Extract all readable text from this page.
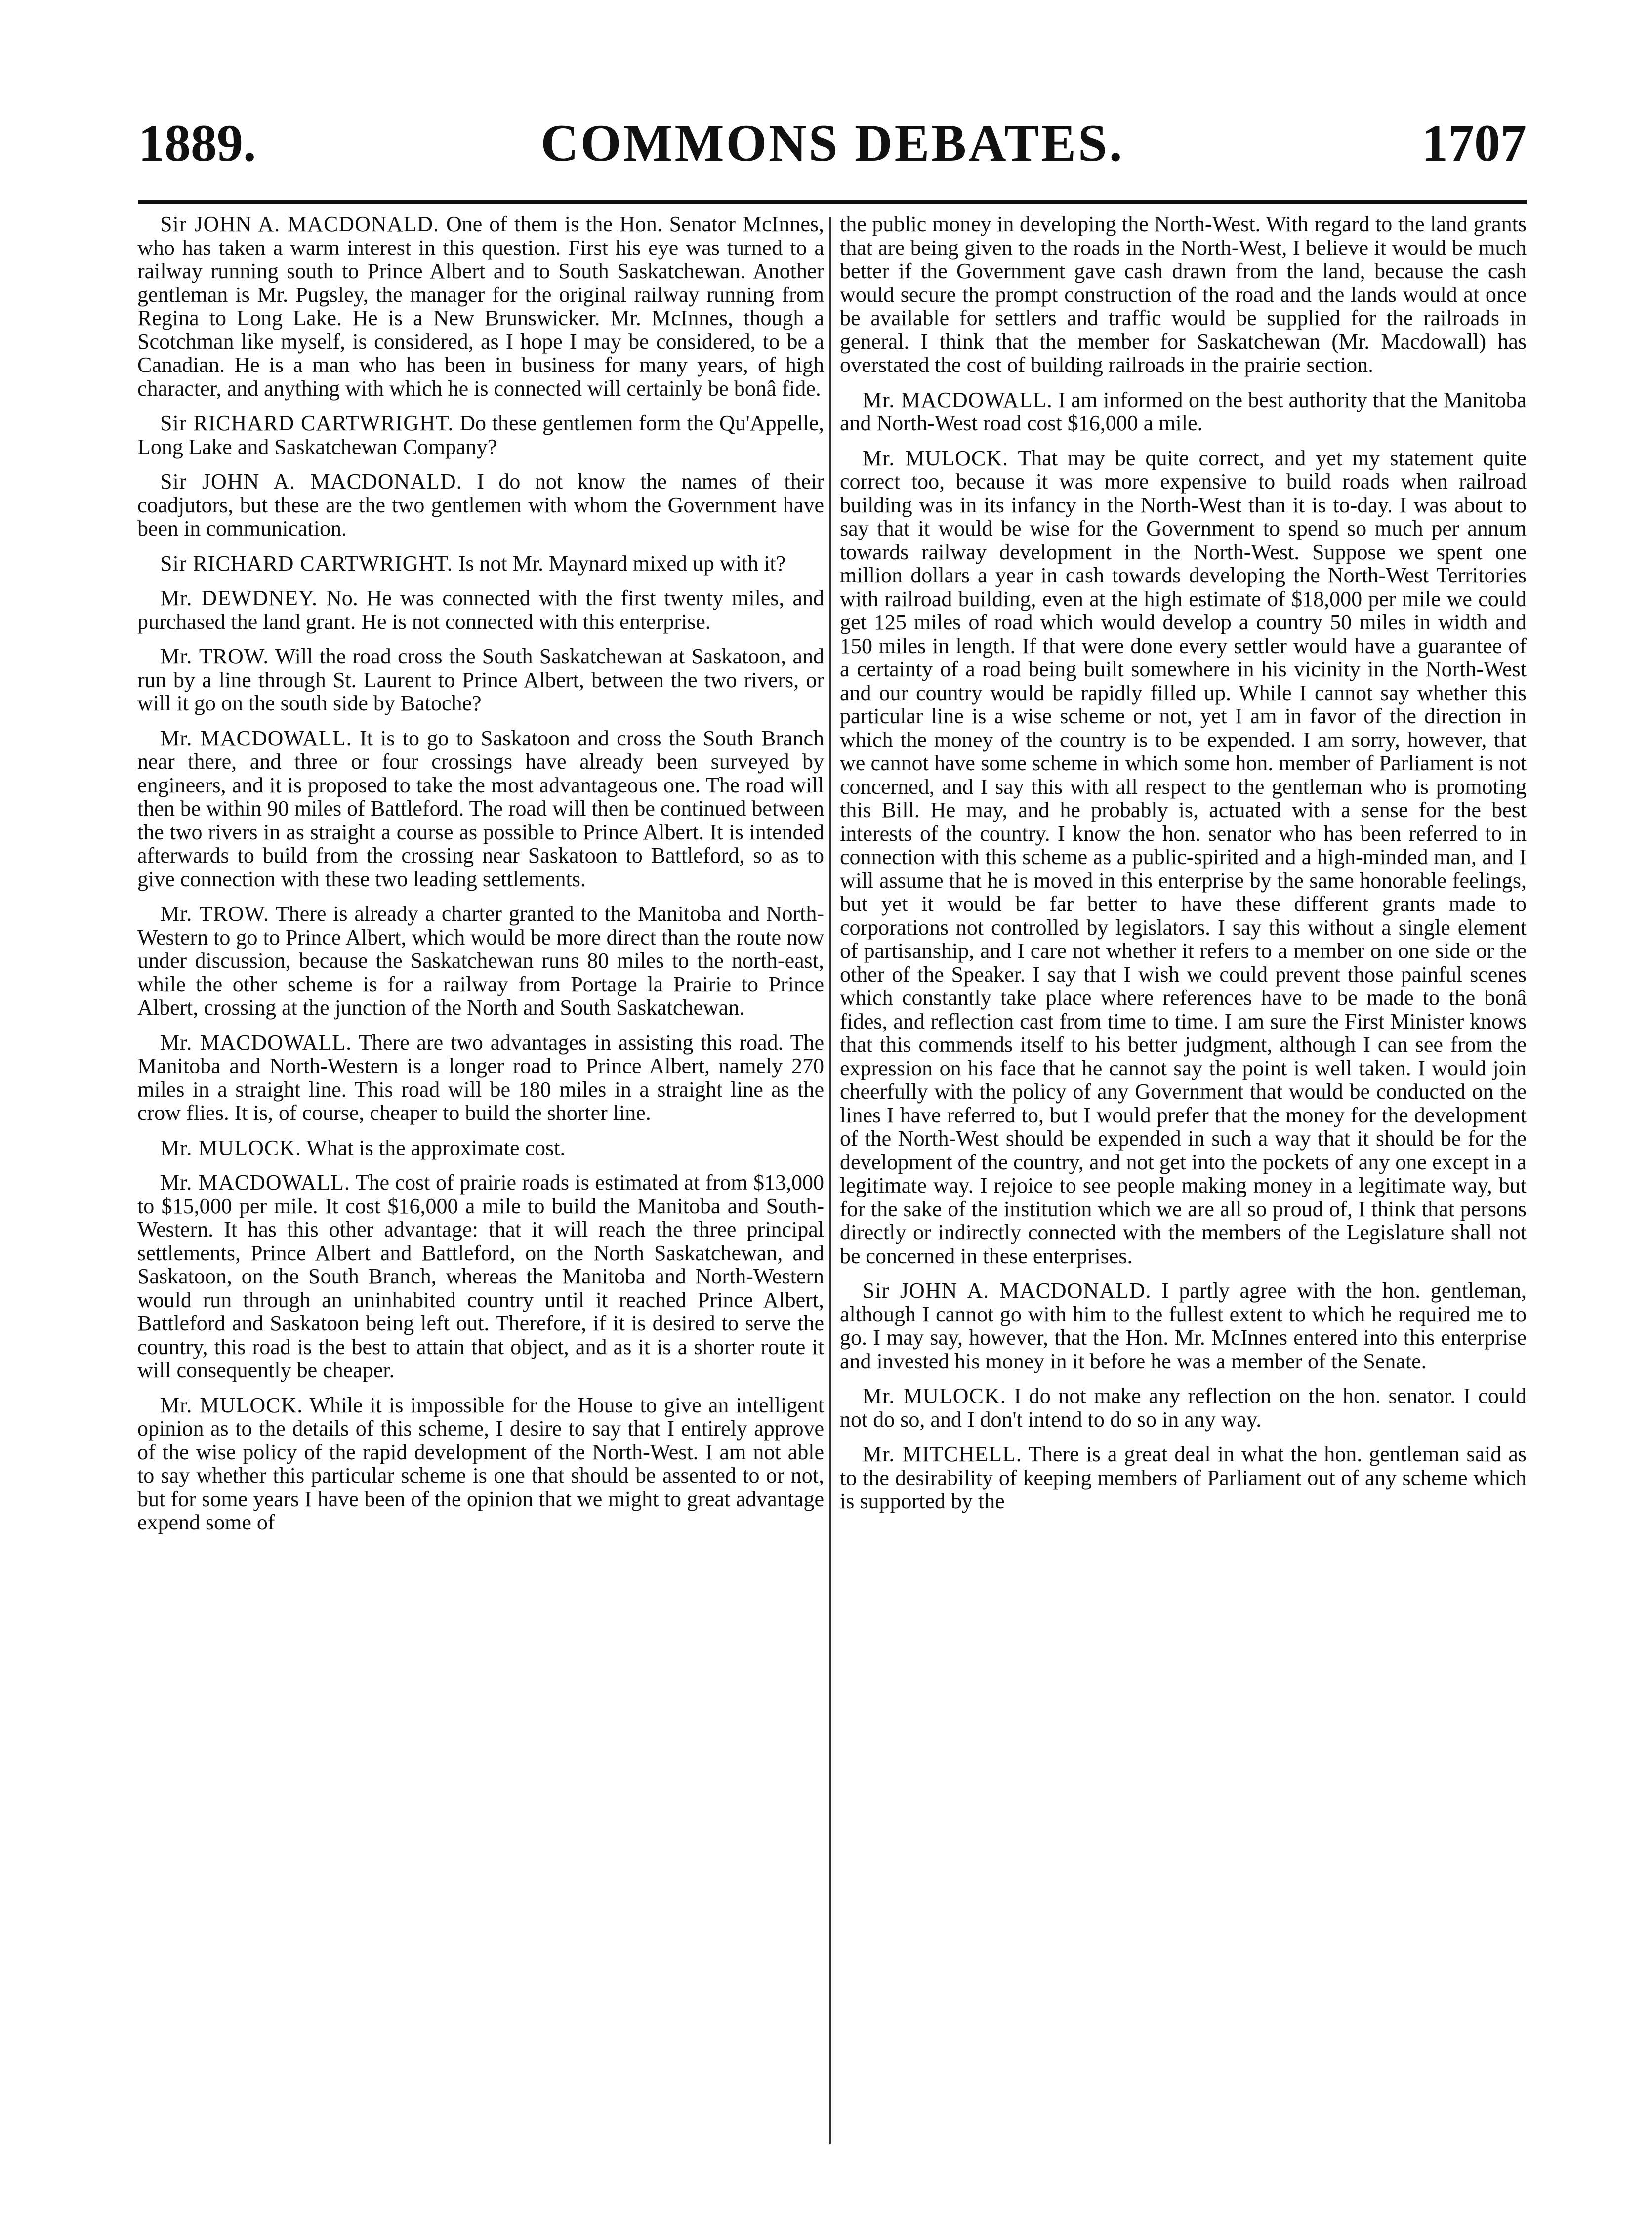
1889.	COMMONS DEBATES.	1707

Sir JOHN A. MACDONALD. One of them is the Hon. Senator McInnes, who has taken a warm interest in this question. First his eye was turned to a railway running south to Prince Albert and to South Saskatchewan. Another gentleman is Mr. Pugsley, the manager for the original railway running from Regina to Long Lake. He is a New Brunswicker. Mr. McInnes, though a Scotchman like myself, is considered, as I hope I may be considered, to be a Canadian. He is a man who has been in business for many years, of high character, and anything with which he is connected will certainly be bonâ fide.

Sir RICHARD CARTWRIGHT. Do these gentlemen form the Qu'Appelle, Long Lake and Saskatchewan Company?

Sir JOHN A. MACDONALD. I do not know the names of their coadjutors, but these are the two gentlemen with whom the Government have been in communication.

Sir RICHARD CARTWRIGHT. Is not Mr. Maynard mixed up with it?

Mr. DEWDNEY. No. He was connected with the first twenty miles, and purchased the land grant. He is not connected with this enterprise.

Mr. TROW. Will the road cross the South Saskatchewan at Saskatoon, and run by a line through St. Laurent to Prince Albert, between the two rivers, or will it go on the south side by Batoche?

Mr. MACDOWALL. It is to go to Saskatoon and cross the South Branch near there, and three or four crossings have already been surveyed by engineers, and it is proposed to take the most advantageous one. The road will then be within 90 miles of Battleford. The road will then be continued between the two rivers in as straight a course as possible to Prince Albert. It is intended afterwards to build from the crossing near Saskatoon to Battleford, so as to give connection with these two leading settlements.

Mr. TROW. There is already a charter granted to the Manitoba and North-Western to go to Prince Albert, which would be more direct than the route now under discussion, because the Saskatchewan runs 80 miles to the north-east, while the other scheme is for a railway from Portage la Prairie to Prince Albert, crossing at the junction of the North and South Saskatchewan.

Mr. MACDOWALL. There are two advantages in assisting this road. The Manitoba and North-Western is a longer road to Prince Albert, namely 270 miles in a straight line. This road will be 180 miles in a straight line as the crow flies. It is, of course, cheaper to build the shorter line.

Mr. MULOCK. What is the approximate cost.

Mr. MACDOWALL. The cost of prairie roads is estimated at from $13,000 to $15,000 per mile. It cost $16,000 a mile to build the Manitoba and South-Western. It has this other advantage: that it will reach the three principal settlements, Prince Albert and Battleford, on the North Saskatchewan, and Saskatoon, on the South Branch, whereas the Manitoba and North-Western would run through an uninhabited country until it reached Prince Albert, Battleford and Saskatoon being left out. Therefore, if it is desired to serve the country, this road is the best to attain that object, and as it is a shorter route it will consequently be cheaper.

Mr. MULOCK. While it is impossible for the House to give an intelligent opinion as to the details of this scheme, I desire to say that I entirely approve of the wise policy of the rapid development of the North-West. I am not able to say whether this particular scheme is one that should be assented to or not, but for some years I have been of the opinion that we might to great advantage expend some of

the public money in developing the North-West. With regard to the land grants that are being given to the roads in the North-West, I believe it would be much better if the Government gave cash drawn from the land, because the cash would secure the prompt construction of the road and the lands would at once be available for settlers and traffic would be supplied for the railroads in general. I think that the member for Saskatchewan (Mr. Macdowall) has overstated the cost of building railroads in the prairie section.

Mr. MACDOWALL. I am informed on the best authority that the Manitoba and North-West road cost $16,000 a mile.

Mr. MULOCK. That may be quite correct, and yet my statement quite correct too, because it was more expensive to build roads when railroad building was in its infancy in the North-West than it is to-day. I was about to say that it would be wise for the Government to spend so much per annum towards railway development in the North-West. Suppose we spent one million dollars a year in cash towards developing the North-West Territories with railroad building, even at the high estimate of $18,000 per mile we could get 125 miles of road which would develop a country 50 miles in width and 150 miles in length. If that were done every settler would have a guarantee of a certainty of a road being built somewhere in his vicinity in the North-West and our country would be rapidly filled up. While I cannot say whether this particular line is a wise scheme or not, yet I am in favor of the direction in which the money of the country is to be expended. I am sorry, however, that we cannot have some scheme in which some hon. member of Parliament is not concerned, and I say this with all respect to the gentleman who is promoting this Bill. He may, and he probably is, actuated with a sense for the best interests of the country. I know the hon. senator who has been referred to in connection with this scheme as a public-spirited and a high-minded man, and I will assume that he is moved in this enterprise by the same honorable feelings, but yet it would be far better to have these different grants made to corporations not controlled by legislators. I say this without a single element of partisanship, and I care not whether it refers to a member on one side or the other of the Speaker. I say that I wish we could prevent those painful scenes which constantly take place where references have to be made to the bonâ fides, and reflection cast from time to time. I am sure the First Minister knows that this commends itself to his better judgment, although I can see from the expression on his face that he cannot say the point is well taken. I would join cheerfully with the policy of any Government that would be conducted on the lines I have referred to, but I would prefer that the money for the development of the North-West should be expended in such a way that it should be for the development of the country, and not get into the pockets of any one except in a legitimate way. I rejoice to see people making money in a legitimate way, but for the sake of the institution which we are all so proud of, I think that persons directly or indirectly connected with the members of the Legislature shall not be concerned in these enterprises.

Sir JOHN A. MACDONALD. I partly agree with the hon. gentleman, although I cannot go with him to the fullest extent to which he required me to go. I may say, however, that the Hon. Mr. McInnes entered into this enterprise and invested his money in it before he was a member of the Senate.

Mr. MULOCK. I do not make any reflection on the hon. senator. I could not do so, and I don't intend to do so in any way.

Mr. MITCHELL. There is a great deal in what the hon. gentleman said as to the desirability of keeping members of Parliament out of any scheme which is supported by the
